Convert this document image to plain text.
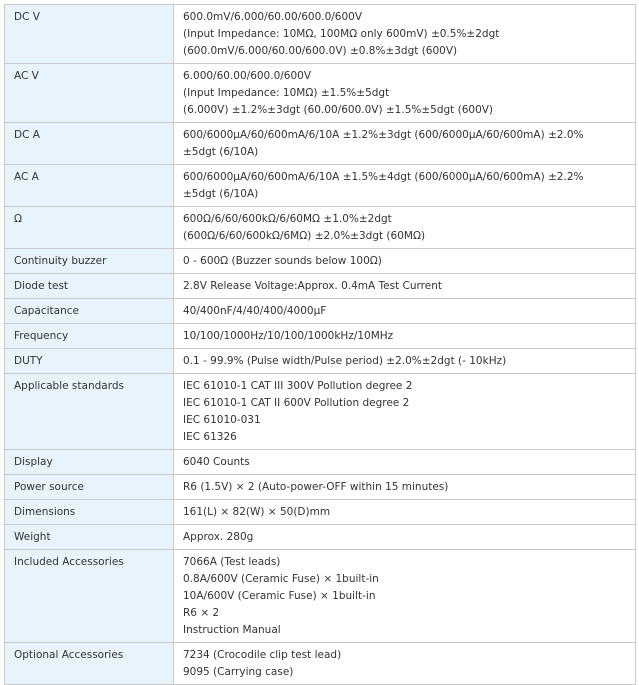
DC V	600.0mV/6.000/60.00/600.0/600V
(Input Impedance: 10MΩ, 100MΩ only 600mV) ±0.5%±2dgt
(600.0mV/6.000/60.00/600.0V) ±0.8%±3dgt (600V)

AC V	6.000/60.00/600.0/600V
(Input Impedance: 10MΩ) ±1.5%±5dgt
(6.000V) ±1.2%±3dgt (60.00/600.0V) ±1.5%±5dgt (600V)

DC A	600/6000μA/60/600mA/6/10A ±1.2%±3dgt (600/6000μA/60/600mA) ±2.0%
±5dgt (6/10A)

AC A	600/6000μA/60/600mA/6/10A ±1.5%±4dgt (600/6000μA/60/600mA) ±2.2%
±5dgt (6/10A)

Ω	600Ω/6/60/600kΩ/6/60MΩ ±1.0%±2dgt
(600Ω/6/60/600kΩ/6MΩ) ±2.0%±3dgt (60MΩ)

Continuity buzzer	0 - 600Ω (Buzzer sounds below 100Ω)

Diode test	2.8V Release Voltage:Approx. 0.4mA Test Current

Capacitance	40/400nF/4/40/400/4000μF

Frequency	10/100/1000Hz/10/100/1000kHz/10MHz

DUTY	0.1 - 99.9% (Pulse width/Pulse period) ±2.0%±2dgt (- 10kHz)

Applicable standards	IEC 61010-1 CAT III 300V Pollution degree 2
IEC 61010-1 CAT II 600V Pollution degree 2
IEC 61010-031
IEC 61326

Display	6040 Counts

Power source	R6 (1.5V) × 2 (Auto-power-OFF within 15 minutes)

Dimensions	161(L) × 82(W) × 50(D)mm

Weight	Approx. 280g

Included Accessories	7066A (Test leads)
0.8A/600V (Ceramic Fuse) × 1built-in
10A/600V (Ceramic Fuse) × 1built-in
R6 × 2
Instruction Manual

Optional Accessories	7234 (Crocodile clip test lead)
9095 (Carrying case)
